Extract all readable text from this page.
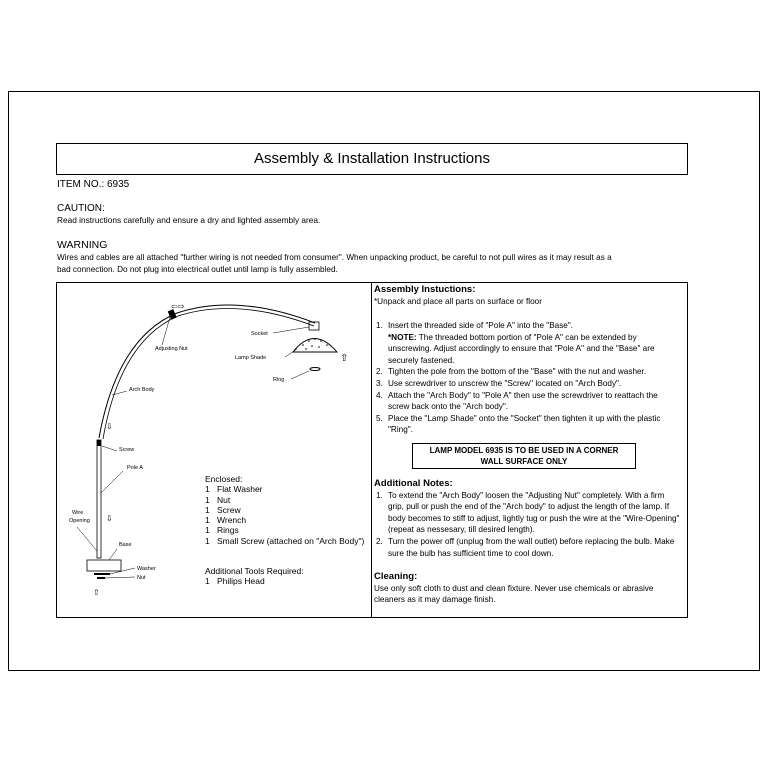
Assembly & Installation Instructions
ITEM NO.: 6935
CAUTION:
Read instructions carefully and ensure a dry and lighted assembly area.
WARNING
Wires and cables are all attached "further wiring is not needed from consumer". When unpacking product, be careful to not pull wires as it may result as a bad connection. Do not plug into electrical outlet until lamp is fully assembled.
⇦⇨
⇧
⇩
⇩
⇧
Adjusting Nut
Socket
Lamp Shade
Ring
Arch Body
Screw
Pole A
Wire
Opening
Base
Washer
Nut
Enclosed:
1 Flat Washer
1 Nut
1 Screw
1 Wrench
1 Rings
1 Small Screw (attached on "Arch Body")
Additional Tools Required:
1 Philips Head
Assembly Instuctions:
*Unpack and place all parts on surface or floor
1. Insert the threaded side of "Pole A" into the "Base".
*NOTE: The threaded bottom portion of "Pole A" can be extended by unscrewing. Adjust accordingly to ensure that "Pole A" and the "Base" are securely fastened.
2. Tighten the pole from the bottom of the "Base" with the nut and washer.
3. Use screwdriver to unscrew the "Screw" located on "Arch Body".
4. Attach the "Arch Body" to "Pole A" then use the screwdriver to reattach the screw back onto the "Arch body".
5. Place the "Lamp Shade" onto the "Socket" then tighten it up with the plastic "Ring".
LAMP MODEL 6935 IS TO BE USED IN A CORNER
WALL SURFACE ONLY
Additional Notes:
1. To extend the "Arch Body" loosen the "Adjusting Nut" completely. With a firm grip, pull or push the end of the "Arch body" to adjust the length of the lamp. If body becomes to stiff to adjust, lightly tug or push the wire at the "Wire-Opening" (repeat as nessesary, till desired length).
2. Turn the power off (unplug from the wall outlet) before replacing the bulb. Make sure the bulb has sufficient time to cool down.
Cleaning:
Use only soft cloth to dust and clean fixture. Never use chemicals or abrasive cleaners as it may damage finish.
